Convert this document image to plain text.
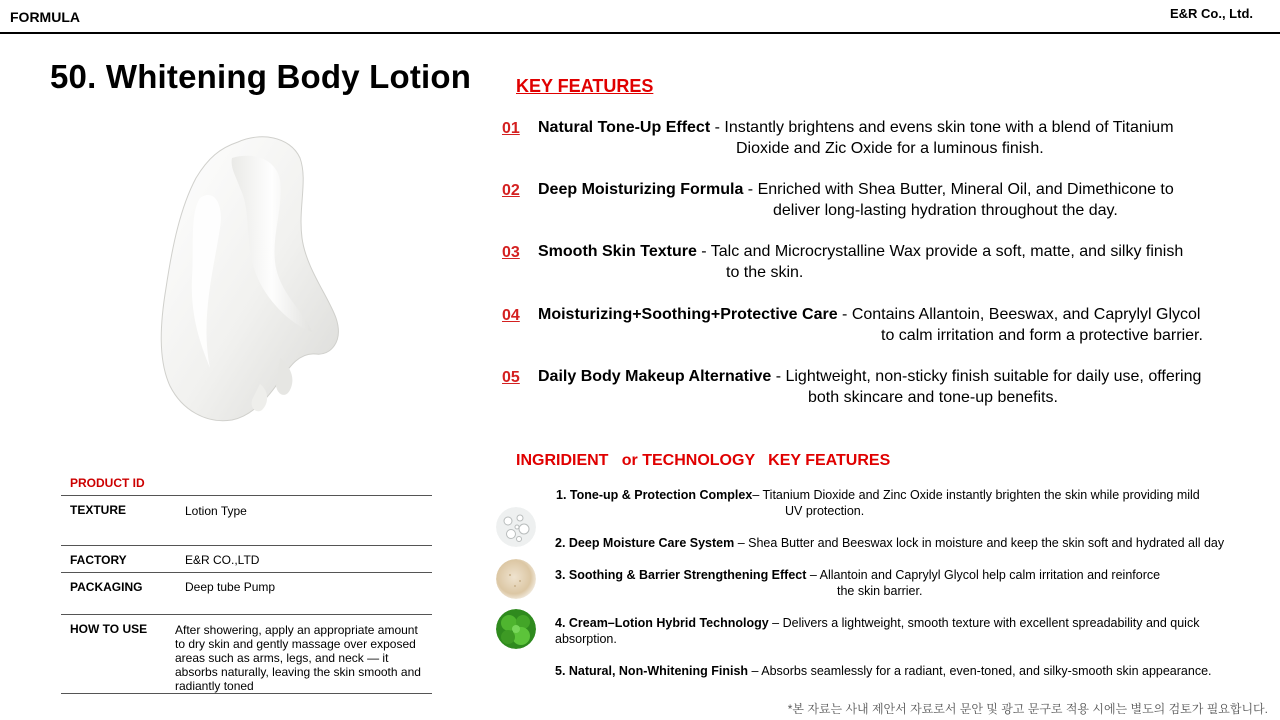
FORMULA	E&R Co., Ltd.
50. Whitening Body Lotion
PRODUCT ID
TEXTURE	Lotion Type
FACTORY	E&R CO.,LTD
PACKAGING	Deep tube Pump
HOW TO USE After showering, apply an appropriate amount to dry skin and gently massage over exposed areas such as arms, legs, and neck — it absorbs naturally, leaving the skin smooth and radiantly toned
KEY FEATURES
01 Natural Tone-Up Effect - Instantly brightens and evens skin tone with a blend of Titanium
Dioxide and Zic Oxide for a luminous finish.
02 Deep Moisturizing Formula - Enriched with Shea Butter, Mineral Oil, and Dimethicone to
deliver long-lasting hydration throughout the day.
03 Smooth Skin Texture - Talc and Microcrystalline Wax provide a soft, matte, and silky finish
to the skin.
04 Moisturizing+Soothing+Protective Care - Contains Allantoin, Beeswax, and Caprylyl Glycol
to calm irritation and form a protective barrier.
05 Daily Body Makeup Alternative - Lightweight, non-sticky finish suitable for daily use, offering
both skincare and tone-up benefits.
INGRIDIENT   or TECHNOLOGY   KEY FEATURES
1. Tone-up & Protection Complex– Titanium Dioxide and Zinc Oxide instantly brighten the skin while providing mild
UV protection.
2. Deep Moisture Care System – Shea Butter and Beeswax lock in moisture and keep the skin soft and hydrated all day
3. Soothing & Barrier Strengthening Effect – Allantoin and Caprylyl Glycol help calm irritation and reinforce
the skin barrier.
4. Cream–Lotion Hybrid Technology – Delivers a lightweight, smooth texture with excellent spreadability and quick
absorption.
5. Natural, Non-Whitening Finish – Absorbs seamlessly for a radiant, even-toned, and silky-smooth skin appearance.
*본 자료는 사내 제안서 자료로서 문안 및 광고 문구로 적용 시에는 별도의 검토가 필요합니다.
